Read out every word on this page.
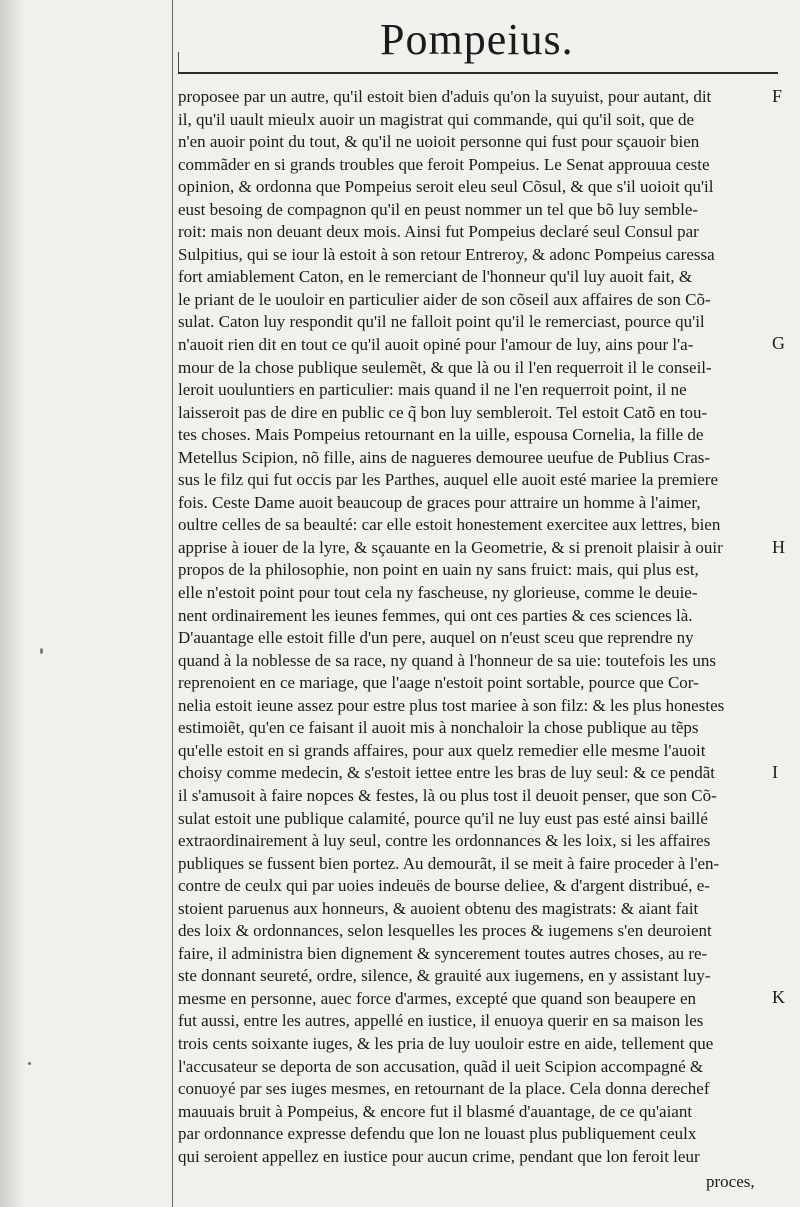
Pompeius.
proposee par un autre, qu'il estoit bien d'aduis qu'on la suyuist, pour autant, dit
il, qu'il uault mieulx auoir un magistrat qui commande, qui qu'il soit, que de
n'en auoir point du tout, & qu'il ne uoioit personne qui fust pour sçauoir bien
commãder en si grands troubles que feroit Pompeius. Le Senat approuua ceste
opinion, & ordonna que Pompeius seroit eleu seul Cõsul, & que s'il uoioit qu'il
eust besoing de compagnon qu'il en peust nommer un tel que bõ luy semble-
roit: mais non deuant deux mois. Ainsi fut Pompeius declaré seul Consul par
Sulpitius, qui se iour là estoit à son retour Entreroy, & adonc Pompeius caressa
fort amiablement Caton, en le remerciant de l'honneur qu'il luy auoit fait, &
le priant de le uouloir en particulier aider de son cõseil aux affaires de son Cõ-
sulat. Caton luy respondit qu'il ne falloit point qu'il le remerciast, pource qu'il
n'auoit rien dit en tout ce qu'il auoit opiné pour l'amour de luy, ains pour l'a-
mour de la chose publique seulemẽt, & que là ou il l'en requerroit il le conseil-
leroit uouluntiers en particulier: mais quand il ne l'en requerroit point, il ne
laisseroit pas de dire en public ce q̃ bon luy sembleroit. Tel estoit Catõ en tou-
tes choses. Mais Pompeius retournant en la uille, espousa Cornelia, la fille de
Metellus Scipion, nõ fille, ains de nagueres demouree ueufue de Publius Cras-
sus le filz qui fut occis par les Parthes, auquel elle auoit esté mariee la premiere
fois. Ceste Dame auoit beaucoup de graces pour attraire un homme à l'aimer,
oultre celles de sa beaulté: car elle estoit honestement exercitee aux lettres, bien
apprise à iouer de la lyre, & sçauante en la Geometrie, & si prenoit plaisir à ouir
propos de la philosophie, non point en uain ny sans fruict: mais, qui plus est,
elle n'estoit point pour tout cela ny fascheuse, ny glorieuse, comme le deuie-
nent ordinairement les ieunes femmes, qui ont ces parties & ces sciences là.
D'auantage elle estoit fille d'un pere, auquel on n'eust sceu que reprendre ny
quand à la noblesse de sa race, ny quand à l'honneur de sa uie: toutefois les uns
reprenoient en ce mariage, que l'aage n'estoit point sortable, pource que Cor-
nelia estoit ieune assez pour estre plus tost mariee à son filz: & les plus honestes
estimoiẽt, qu'en ce faisant il auoit mis à nonchaloir la chose publique au tẽps
qu'elle estoit en si grands affaires, pour aux quelz remedier elle mesme l'auoit
choisy comme medecin, & s'estoit iettee entre les bras de luy seul: & ce pendãt
il s'amusoit à faire nopces & festes, là ou plus tost il deuoit penser, que son Cõ-
sulat estoit une publique calamité, pource qu'il ne luy eust pas esté ainsi baillé
extraordinairement à luy seul, contre les ordonnances & les loix, si les affaires
publiques se fussent bien portez. Au demourãt, il se meit à faire proceder à l'en-
contre de ceulx qui par uoies indeuës de bourse deliee, & d'argent distribué, e-
stoient paruenus aux honneurs, & auoient obtenu des magistrats: & aiant fait
des loix & ordonnances, selon lesquelles les proces & iugemens s'en deuroient
faire, il administra bien dignement & syncerement toutes autres choses, au re-
ste donnant seureté, ordre, silence, & grauité aux iugemens, en y assistant luy-
mesme en personne, auec force d'armes, excepté que quand son beaupere en
fut aussi, entre les autres, appellé en iustice, il enuoya querir en sa maison les
trois cents soixante iuges, & les pria de luy uouloir estre en aide, tellement que
l'accusateur se deporta de son accusation, quãd il ueit Scipion accompagné &
conuoyé par ses iuges mesmes, en retournant de la place. Cela donna derechef
mauuais bruit à Pompeius, & encore fut il blasmé d'auantage, de ce qu'aiant
par ordonnance expresse defendu que lon ne louast plus publiquement ceulx
qui seroient appellez en iustice pour aucun crime, pendant que lon feroit leur
F
G
H
I
K
proces,
